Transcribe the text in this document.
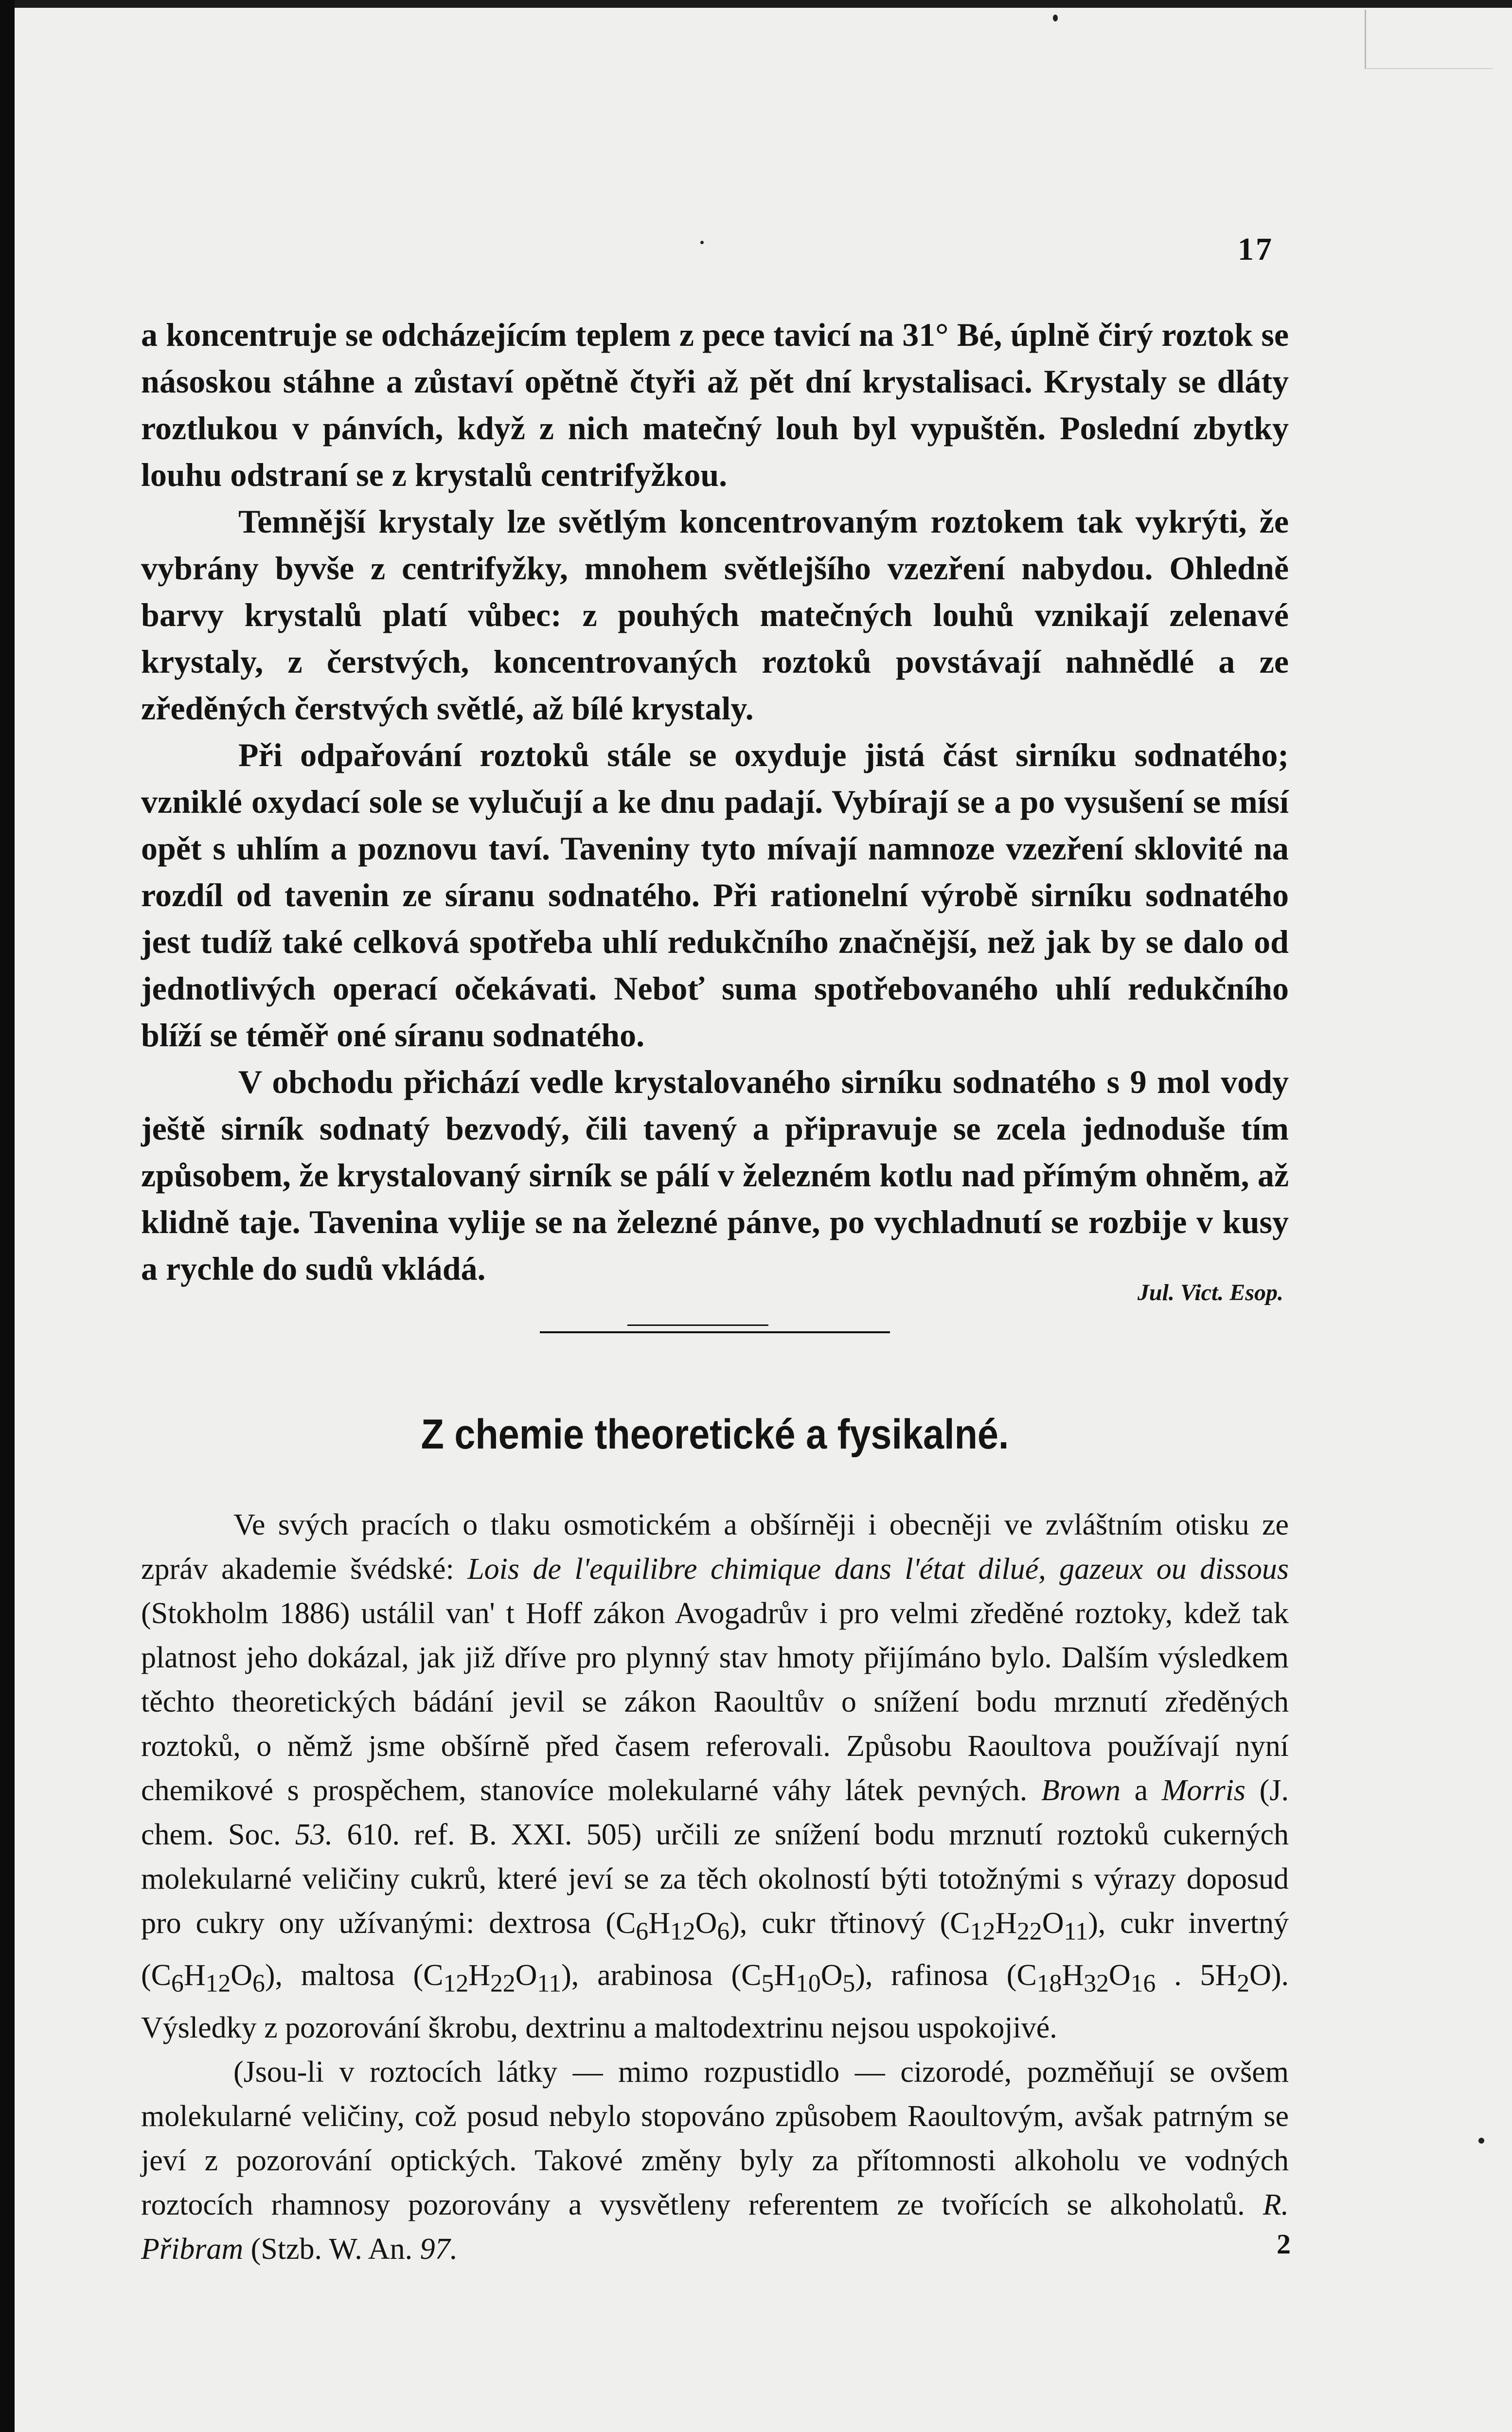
17

a koncentruje se odcházejícím teplem z pece tavicí na 31° Bé, úplně čirý roztok se násoskou stáhne a zůstaví opětně čtyři až pět dní krystalisaci. Krystaly se dláty roztlukou v pánvích, když z nich matečný louh byl vypuštěn. Poslední zbytky louhu odstraní se z krystalů centrifyžkou.

Temnější krystaly lze světlým koncentrovaným roztokem tak vykrýti, že vybrány byvše z centrifyžky, mnohem světlejšího vzezření nabydou. Ohledně barvy krystalů platí vůbec: z pouhých matečných louhů vznikají zelenavé krystaly, z čerstvých, koncentrovaných roztoků povstávají nahnědlé a ze zředěných čerstvých světlé, až bílé krystaly.

Při odpařování roztoků stále se oxyduje jistá část sirníku sodnatého; vzniklé oxydací sole se vylučují a ke dnu padají. Vybírají se a po vysušení se mísí opět s uhlím a poznovu taví. Taveniny tyto mívají namnoze vzezření sklovité na rozdíl od tavenin ze síranu sodnatého. Při rationelní výrobě sirníku sodnatého jest tudíž také celková spotřeba uhlí redukčního značnější, než jak by se dalo od jednotlivých operací očekávati. Neboť suma spotřebovaného uhlí redukčního blíží se téměř oné síranu sodnatého.

V obchodu přichází vedle krystalovaného sirníku sodnatého s 9 mol vody ještě sirník sodnatý bezvodý, čili tavený a připravuje se zcela jednoduše tím způsobem, že krystalovaný sirník se pálí v železném kotlu nad přímým ohněm, až klidně taje. Tavenina vylije se na železné pánve, po vychladnutí se rozbije v kusy a rychle do sudů vkládá.

Jul. Vict. Esop.
Z chemie theoretické a fysikalné.

Ve svých pracích o tlaku osmotickém a obšírněji i obecněji ve zvláštním otisku ze zpráv akademie švédské: Lois de l'equilibre chimique dans l'état dilué, gazeux ou dissous (Stokholm 1886) ustálil van' t Hoff zákon Avogadrův i pro velmi zředěné roztoky, kdež tak platnost jeho dokázal, jak již dříve pro plynný stav hmoty přijímáno bylo. Dalším výsledkem těchto theoretických bádání jevil se zákon Raoultův o snížení bodu mrznutí zředěných roztoků, o němž jsme obšírně před časem referovali. Způsobu Raoultova používají nyní chemikové s prospěchem, stanovíce molekularné váhy látek pevných. Brown a Morris (J. chem. Soc. 53. 610. ref. B. XXI. 505) určili ze snížení bodu mrznutí roztoků cukerných molekularné veličiny cukrů, které jeví se za těch okolností býti totožnými s výrazy doposud pro cukry ony užívanými: dextrosa $(C_6H_{12}O_6)$, cukr třtinový $(C_{12}H_{22}O_{11})$, cukr invertný $(C_6H_{12}O_6)$, maltosa $(C_{12}H_{22}O_{11})$, arabinosa $(C_5H_{10}O_5)$, rafinosa ($C_{18}H_{32}O_{16}$ . $5H_2O$). Výsledky z pozorování škrobu, dextrinu a maltodextrinu nejsou uspokojivé.

(Jsou-li v roztocích látky — mimo rozpustidlo — cizorodé, pozměňují se ovšem molekularné veličiny, což posud nebylo stopováno způsobem Raoultovým, avšak patrným se jeví z pozorování optických. Takové změny byly za přítomnosti alkoholu ve vodných roztocích rhamnosy pozorovány a vysvětleny referentem ze tvořících se alkoholatů. R. Přibram (Stzb. W. An. 97.	2
